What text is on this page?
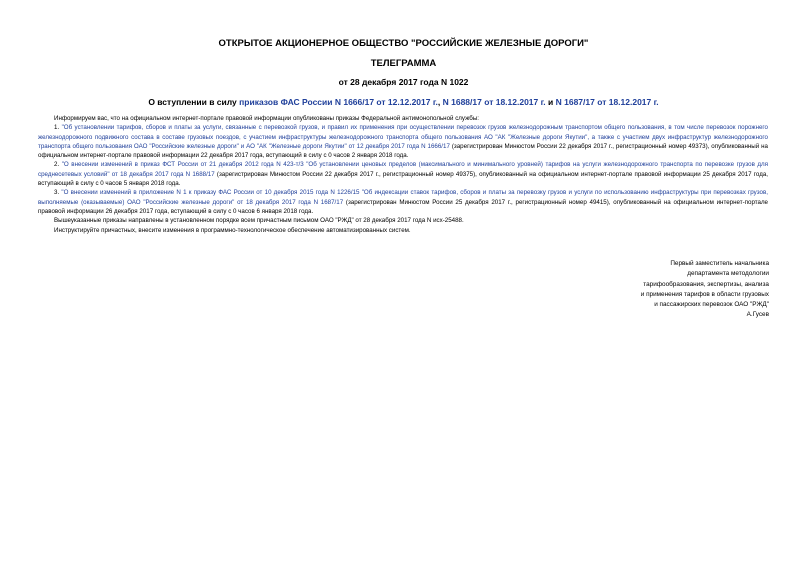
ОТКРЫТОЕ АКЦИОНЕРНОЕ ОБЩЕСТВО "РОССИЙСКИЕ ЖЕЛЕЗНЫЕ ДОРОГИ"
ТЕЛЕГРАММА
от 28 декабря 2017 года N 1022
О вступлении в силу приказов ФАС России N 1666/17 от 12.12.2017 г., N 1688/17 от 18.12.2017 г. и N 1687/17 от 18.12.2017 г.

Информируем вас, что на официальном интернет-портале правовой информации опубликованы приказы Федеральной антимонопольной службы:

1. "Об установлении тарифов, сборов и платы за услуги, связанные с перевозкой грузов, и правил их применения при осуществлении перевозок грузов железнодорожным транспортом общего пользования, в том числе перевозок порожнего железнодорожного подвижного состава в составе грузовых поездов, с участием инфраструктуры железнодорожного транспорта общего пользования АО "АК "Железные дороги Якутии", а также с участием двух инфраструктур железнодорожного транспорта общего пользования ОАО "Российские железные дороги" и АО "АК "Железные дороги Якутии" от 12 декабря 2017 года N 1666/17 (зарегистрирован Минюстом России 22 декабря 2017 г., регистрационный номер 49373), опубликованный на официальном интернет-портале правовой информации 22 декабря 2017 года, вступающий в силу с 0 часов 2 января 2018 года.

2. "О внесении изменений в приказ ФСТ России от 21 декабря 2012 года N 423-т/3 "Об установлении ценовых пределов (максимального и минимального уровней) тарифов на услуги железнодорожного транспорта по перевозке грузов для среднесетевых условий" от 18 декабря 2017 года N 1688/17 (зарегистрирован Минюстом России 22 декабря 2017 г., регистрационный номер 49375), опубликованный на официальном интернет-портале правовой информации 25 декабря 2017 года, вступающий в силу с 0 часов 5 января 2018 года.

3. "О внесении изменений в приложение N 1 к приказу ФАС России от 10 декабря 2015 года N 1226/15 "Об индексации ставок тарифов, сборов и платы за перевозку грузов и услуги по использованию инфраструктуры при перевозках грузов, выполняемые (оказываемые) ОАО "Российские железные дороги" от 18 декабря 2017 года N 1687/17 (зарегистрирован Минюстом России 25 декабря 2017 г., регистрационный номер 49415), опубликованный на официальном интернет-портале правовой информации 26 декабря 2017 года, вступающий в силу с 0 часов 6 января 2018 года.

Вышеуказанные приказы направлены в установленном порядке всем причастным письмом ОАО "РЖД" от 28 декабря 2017 года N исх-25488.

Инструктируйте причастных, внесите изменения в программно-технологическое обеспечение автоматизированных систем.

Первый заместитель начальника
департамента методологии
тарифообразования, экспертизы, анализа
и применения тарифов в области грузовых
и пассажирских перевозок ОАО "РЖД"
А.Гусев
